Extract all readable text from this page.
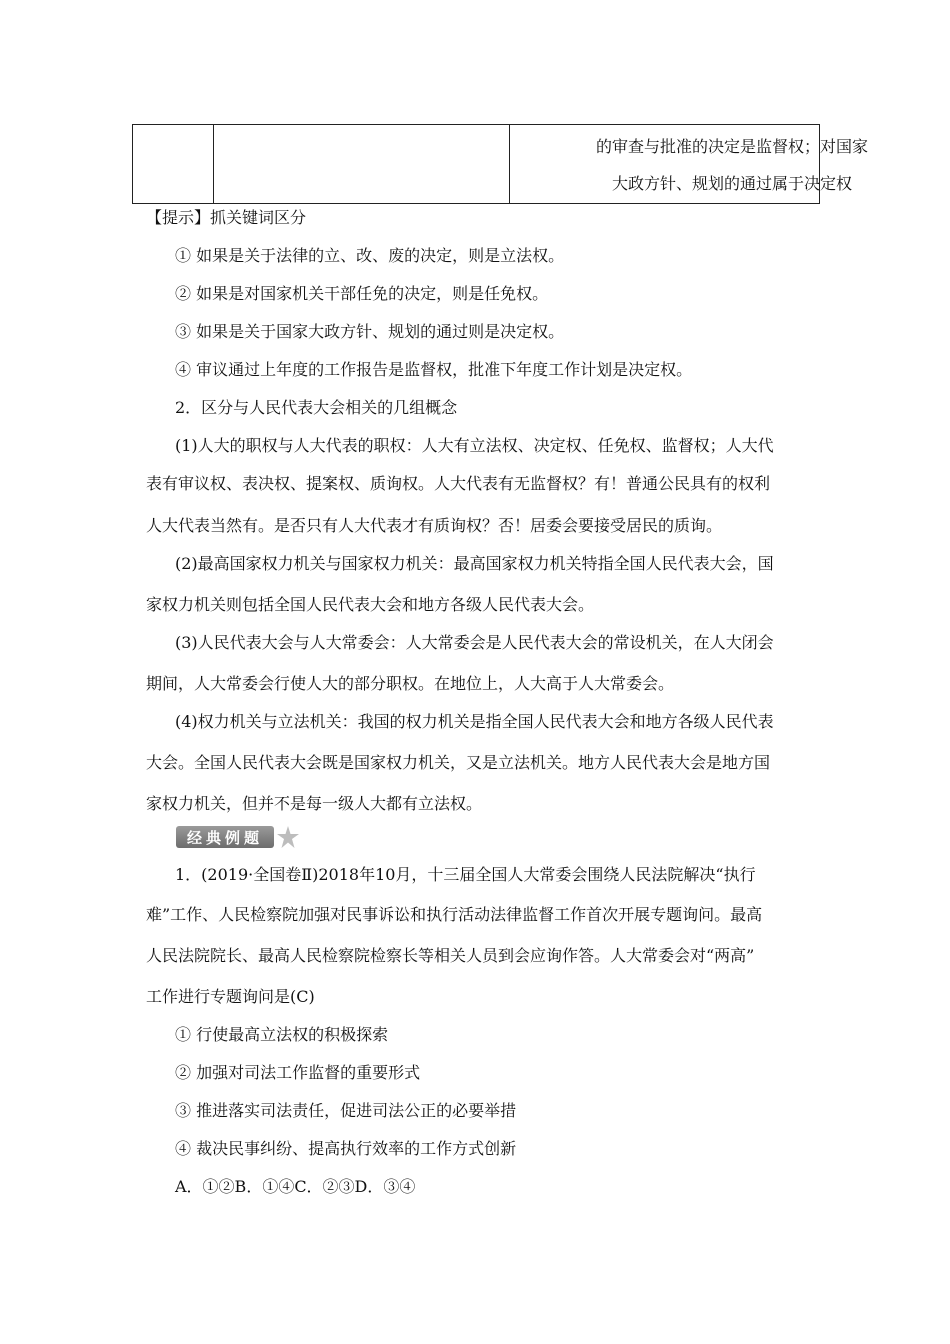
的审查与批准的决定是监督权；对国家
大政方针、规划的通过属于决定权
【提示】抓关键词区分
① 如果是关于法律的立、改、废的决定，则是立法权。
② 如果是对国家机关干部任免的决定，则是任免权。
③ 如果是关于国家大政方针、规划的通过则是决定权。
④ 审议通过上年度的工作报告是监督权，批准下年度工作计划是决定权。
2．区分与人民代表大会相关的几组概念
(1)人大的职权与人大代表的职权：人大有立法权、决定权、任免权、监督权；人大代
表有审议权、表决权、提案权、质询权。人大代表有无监督权？有！普通公民具有的权利
人大代表当然有。是否只有人大代表才有质询权？否！居委会要接受居民的质询。
(2)最高国家权力机关与国家权力机关：最高国家权力机关特指全国人民代表大会，国
家权力机关则包括全国人民代表大会和地方各级人民代表大会。
(3)人民代表大会与人大常委会：人大常委会是人民代表大会的常设机关，在人大闭会
期间，人大常委会行使人大的部分职权。在地位上，人大高于人大常委会。
(4)权力机关与立法机关：我国的权力机关是指全国人民代表大会和地方各级人民代表
大会。全国人民代表大会既是国家权力机关，又是立法机关。地方人民代表大会是地方国
家权力机关，但并不是每一级人大都有立法权。
经典例题
1．(2019·全国卷Ⅱ)2018年10月，十三届全国人大常委会围绕人民法院解决“执行
难”工作、人民检察院加强对民事诉讼和执行活动法律监督工作首次开展专题询问。最高
人民法院院长、最高人民检察院检察长等相关人员到会应询作答。人大常委会对“两高”
工作进行专题询问是(C)
① 行使最高立法权的积极探索
② 加强对司法工作监督的重要形式
③ 推进落实司法责任，促进司法公正的必要举措
④ 裁决民事纠纷、提高执行效率的工作方式创新
A．①②B．①④C．②③D．③④
